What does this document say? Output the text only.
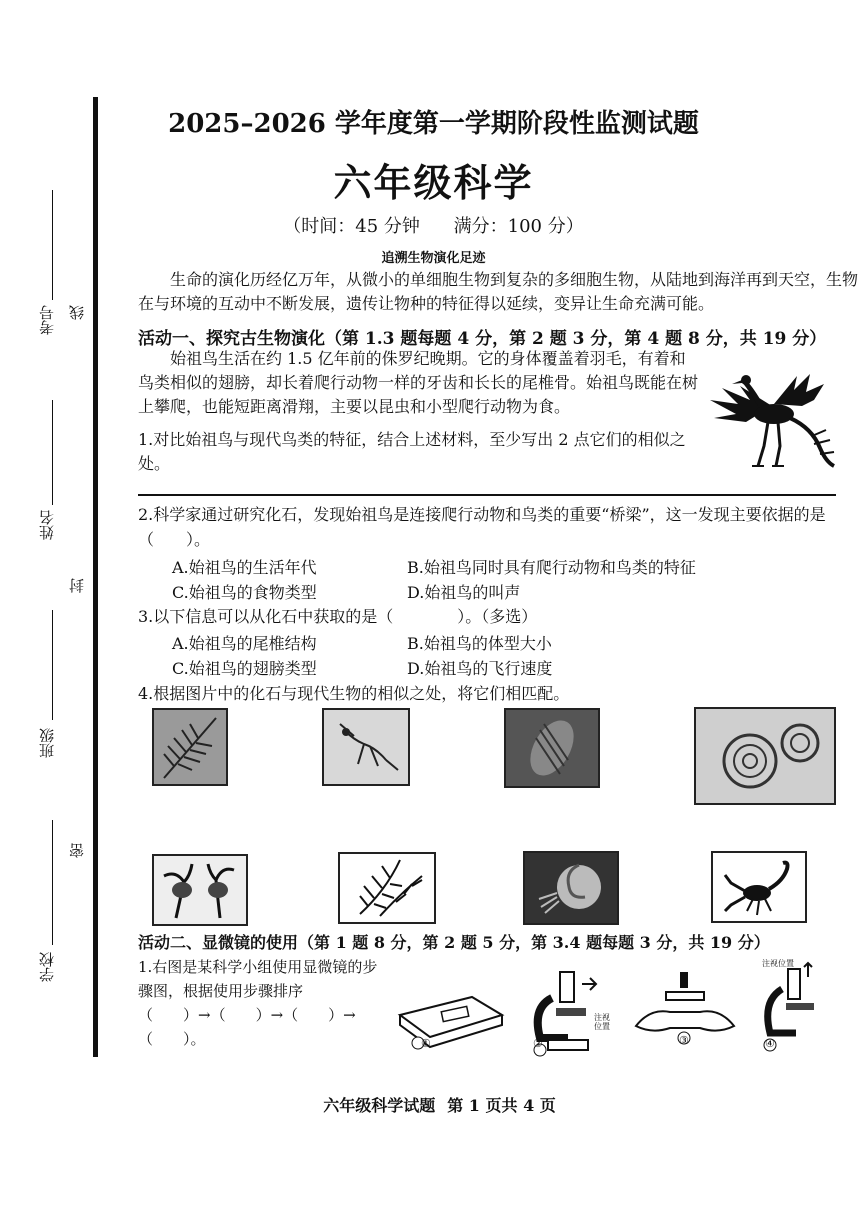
考号 线
姓名
封
班级
密
学校
2025–2026 学年度第一学期阶段性监测试题
六年级科学
（时间：45 分钟 满分：100 分）
追溯生物演化足迹
生命的演化历经亿万年，从微小的单细胞生物到复杂的多细胞生物，从陆地到海洋再到天空，生物在与环境的互动中不断发展，遗传让物种的特征得以延续，变异让生命充满可能。
活动一、探究古生物演化（第 1.3 题每题 4 分，第 2 题 3 分，第 4 题 8 分，共 19 分）
始祖鸟生活在约 1.5 亿年前的侏罗纪晚期。它的身体覆盖着羽毛，有着和鸟类相似的翅膀，却长着爬行动物一样的牙齿和长长的尾椎骨。始祖鸟既能在树上攀爬，也能短距离滑翔，主要以昆虫和小型爬行动物为食。
1.对比始祖鸟与现代鸟类的特征，结合上述材料，至少写出 2 点它们的相似之处。
2.科学家通过研究化石，发现始祖鸟是连接爬行动物和鸟类的重要“桥梁”，这一发现主要依据的是（　　）。
A.始祖鸟的生活年代	B.始祖鸟同时具有爬行动物和鸟类的特征
C.始祖鸟的食物类型	D.始祖鸟的叫声
3.以下信息可以从化石中获取的是（　　　　）。（多选）
A.始祖鸟的尾椎结构	B.始祖鸟的体型大小
C.始祖鸟的翅膀类型	D.始祖鸟的飞行速度
4.根据图片中的化石与现代生物的相似之处，将它们相匹配。
活动二、显微镜的使用（第 1 题 8 分，第 2 题 5 分，第 3.4 题每题 3 分，共 19 分）
1.右图是某科学小组使用显微镜的步骤图，根据使用步骤排序
（　　）→（　　）→（　　）→（　　）。
注视位置
注视位置
①	②	③	④
六年级科学试题 第 1 页共 4 页
